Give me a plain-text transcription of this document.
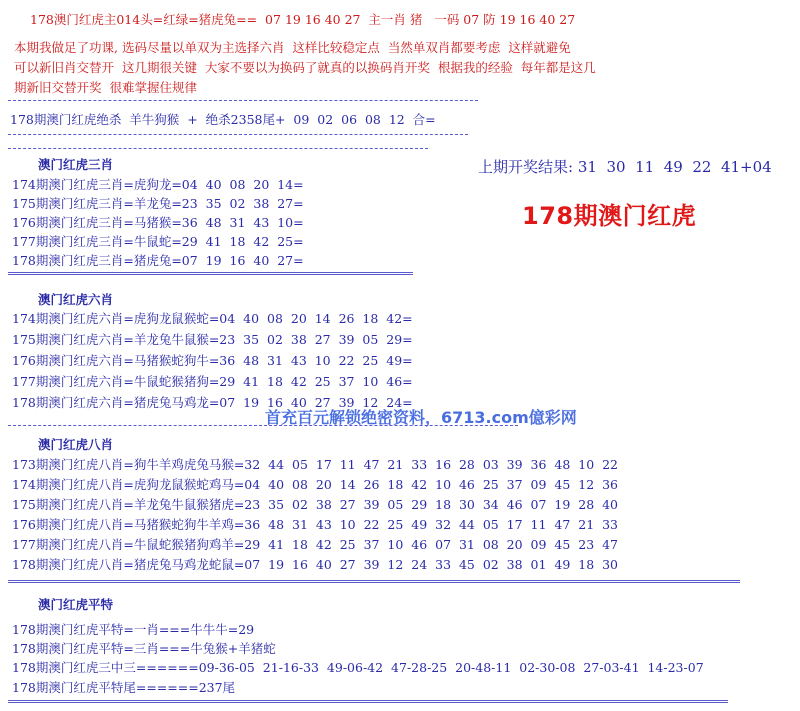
178澳门红虎主014头=红绿=猪虎兔==  07 19 16 40 27  主一肖 猪   一码 07 防 19 16 40 27
本期我做足了功课, 选码尽量以单双为主选择六肖  这样比较稳定点  当然单双肖都要考虑  这样就避免
可以新旧肖交替开  这几期很关键  大家不要以为换码了就真的以换码肖开奖  根据我的经验  每年都是这几
期新旧交替开奖  很难掌握住规律
178期澳门红虎绝杀  羊牛狗猴  +  绝杀2358尾+  09  02  06  08  12  合=
澳门红虎三肖
174期澳门红虎三肖=虎狗龙=04  40  08  20  14=
175期澳门红虎三肖=羊龙兔=23  35  02  38  27=
176期澳门红虎三肖=马猪猴=36  48  31  43  10=
177期澳门红虎三肖=牛鼠蛇=29  41  18  42  25=
178期澳门红虎三肖=猪虎兔=07  19  16  40  27=
上期开奖结果: 31  30  11  49  22  41+04
178期澳门红虎
澳门红虎六肖
174期澳门红虎六肖=虎狗龙鼠猴蛇=04  40  08  20  14  26  18  42=
175期澳门红虎六肖=羊龙兔牛鼠猴=23  35  02  38  27  39  05  29=
176期澳门红虎六肖=马猪猴蛇狗牛=36  48  31  43  10  22  25  49=
177期澳门红虎六肖=牛鼠蛇猴猪狗=29  41  18  42  25  37  10  46=
178期澳门红虎六肖=猪虎兔马鸡龙=07  19  16  40  27  39  12  24=
首充百元解锁绝密资料，6713.com億彩网
澳门红虎八肖
173期澳门红虎八肖=狗牛羊鸡虎兔马猴=32  44  05  17  11  47  21  33  16  28  03  39  36  48  10  22
174期澳门红虎八肖=虎狗龙鼠猴蛇鸡马=04  40  08  20  14  26  18  42  10  46  25  37  09  45  12  36
175期澳门红虎八肖=羊龙兔牛鼠猴猪虎=23  35  02  38  27  39  05  29  18  30  34  46  07  19  28  40
176期澳门红虎八肖=马猪猴蛇狗牛羊鸡=36  48  31  43  10  22  25  49  32  44  05  17  11  47  21  33
177期澳门红虎八肖=牛鼠蛇猴猪狗鸡羊=29  41  18  42  25  37  10  46  07  31  08  20  09  45  23  47
178期澳门红虎八肖=猪虎兔马鸡龙蛇鼠=07  19  16  40  27  39  12  24  33  45  02  38  01  49  18  30
澳门红虎平特
178期澳门红虎平特=一肖===牛牛牛=29
178期澳门红虎平特=三肖===牛兔猴+羊猪蛇
178期澳门红虎三中三======09-36-05  21-16-33  49-06-42  47-28-25  20-48-11  02-30-08  27-03-41  14-23-07
178期澳门红虎平特尾======237尾
